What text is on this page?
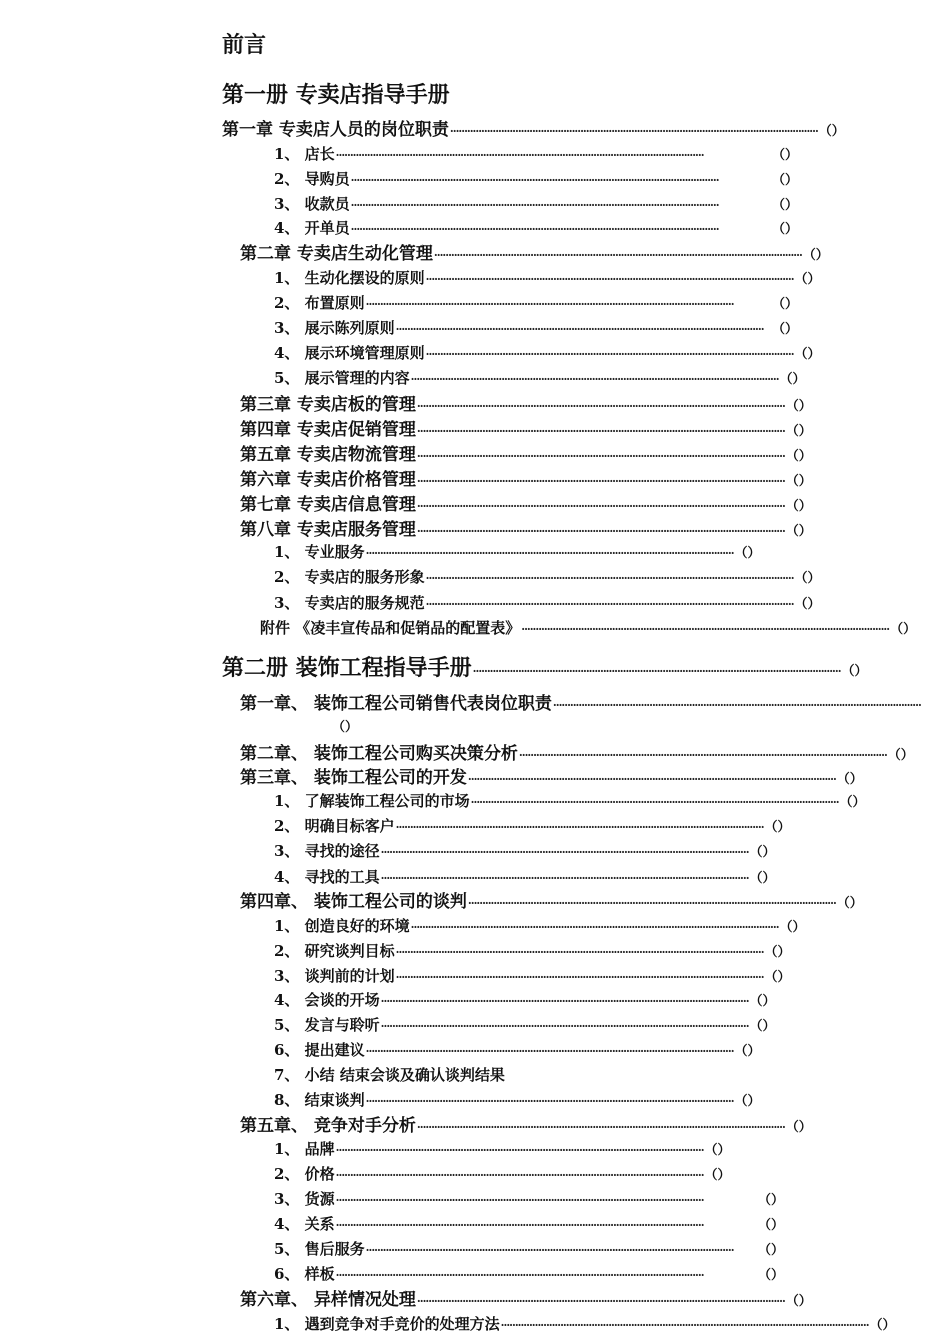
前言
第一册 专卖店指导手册
第一章 专卖店人员的岗位职责 ·································································································································· （）
1、 店长 ··································································································································	（）
2、 导购员 ··································································································································	（）
3、 收款员 ··································································································································	（）
4、 开单员 ··································································································································	（）
第二章 专卖店生动化管理 ·································································································································· （）
1、 生动化摆设的原则 ·································································································································· （）
2、 布置原则 ··································································································································	（）
3、 展示陈列原则 ·································································································································· （）
4、 展示环境管理原则 ·································································································································· （）
5、 展示管理的内容 ·································································································································· （）
第三章 专卖店板的管理 ·································································································································· （）
第四章 专卖店促销管理 ·································································································································· （）
第五章 专卖店物流管理 ·································································································································· （）
第六章 专卖店价格管理 ·································································································································· （）
第七章 专卖店信息管理 ·································································································································· （）
第八章 专卖店服务管理 ·································································································································· （）
1、 专业服务 ·································································································································· （）
2、 专卖店的服务形象 ·································································································································· （）
3、 专卖店的服务规范 ·································································································································· （）
附件 《凌丰宣传品和促销品的配置表》 ·································································································································· （）
第二册 装饰工程指导手册 ·································································································································· （）
第一章、 装饰工程公司销售代表岗位职责 ··································································································································
（）
第二章、 装饰工程公司购买决策分析 ·································································································································· （）
第三章、 装饰工程公司的开发 ·································································································································· （）
1、 了解装饰工程公司的市场 ·································································································································· （）
2、 明确目标客户 ·································································································································· （）
3、 寻找的途径 ·································································································································· （）
4、 寻找的工具 ·································································································································· （）
第四章、 装饰工程公司的谈判 ·································································································································· （）
1、 创造良好的环境 ·································································································································· （）
2、 研究谈判目标 ·································································································································· （）
3、 谈判前的计划 ·································································································································· （）
4、 会谈的开场 ·································································································································· （）
5、 发言与聆听 ·································································································································· （）
6、 提出建议 ·································································································································· （）
7、 小结 结束会谈及确认谈判结果
8、 结束谈判 ·································································································································· （）
第五章、 竞争对手分析 ·································································································································· （）
1、 品牌 ·································································································································· （）
2、 价格 ·································································································································· （）
3、 货源 ··································································································································	（）
4、 关系 ··································································································································	（）
5、 售后服务 ··································································································································	（）
6、 样板 ··································································································································	（）
第六章、 异样情况处理 ·································································································································· （）
1、 遇到竞争对手竞价的处理方法 ·································································································································· （）
